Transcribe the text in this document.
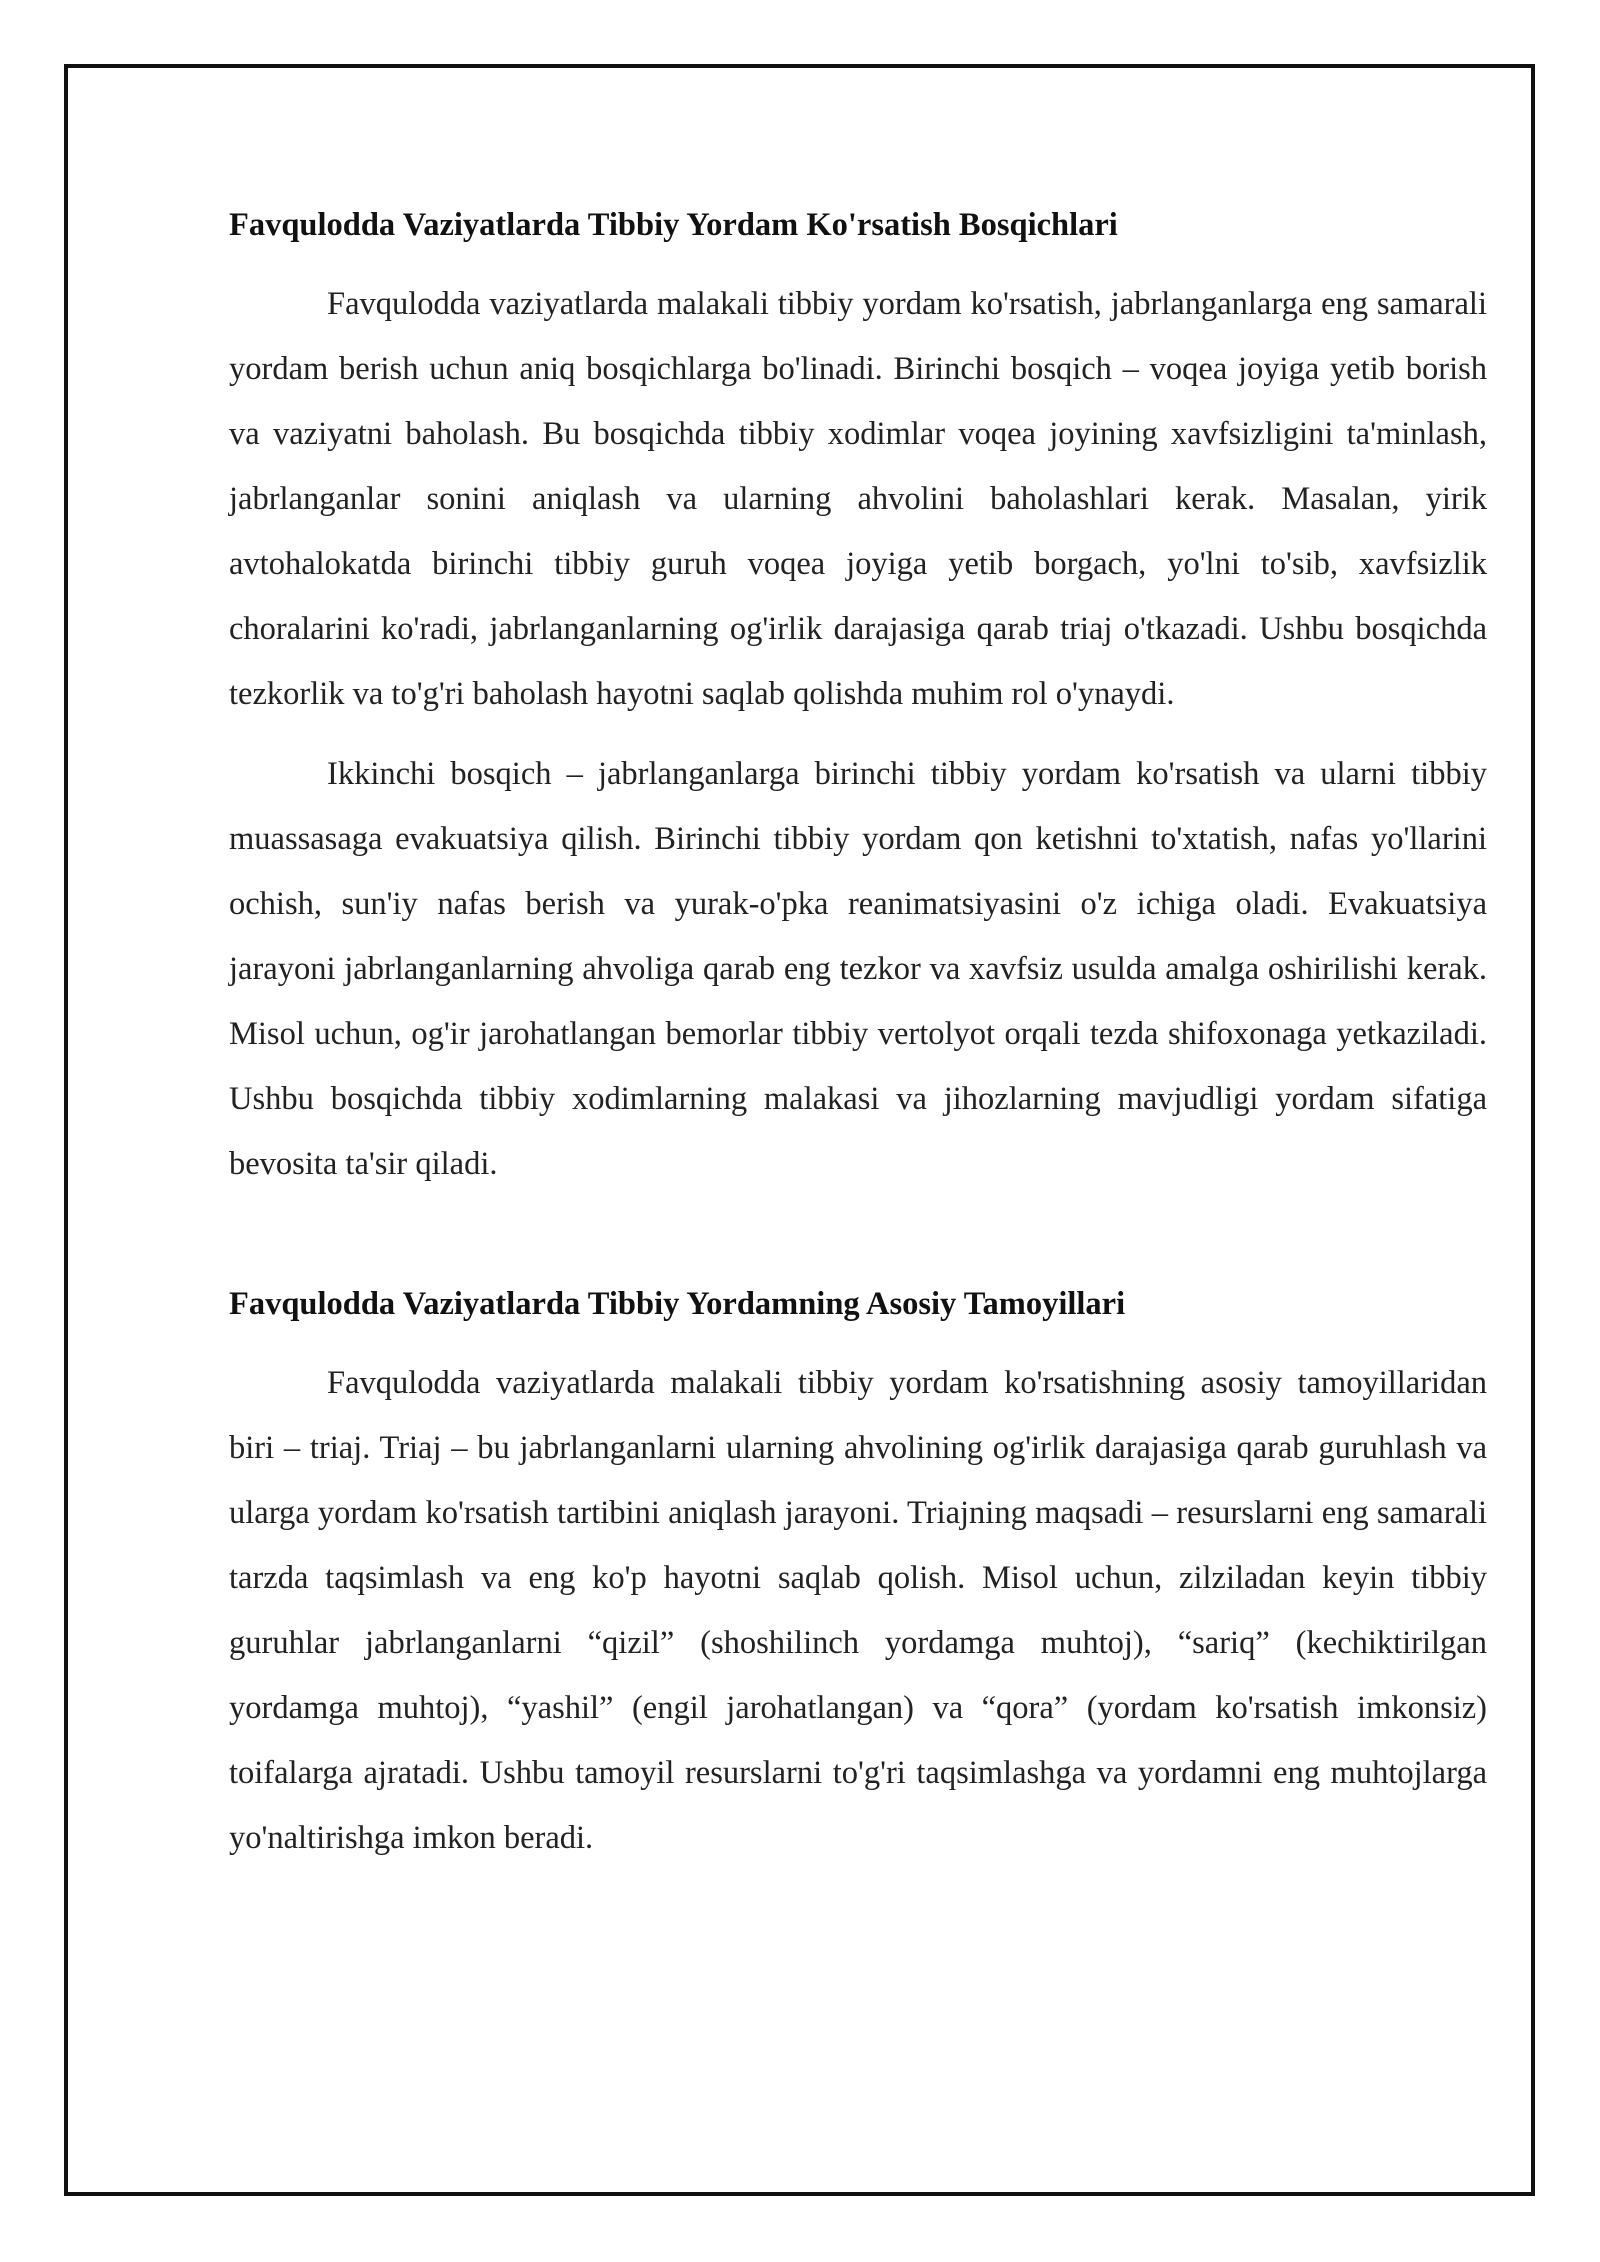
Favqulodda Vaziyatlarda Tibbiy Yordam Ko'rsatish Bosqichlari

Favqulodda vaziyatlarda malakali tibbiy yordam ko'rsatish, jabrlanganlarga eng samarali yordam berish uchun aniq bosqichlarga bo'linadi. Birinchi bosqich – voqea joyiga yetib borish va vaziyatni baholash. Bu bosqichda tibbiy xodimlar voqea joyining xavfsizligini ta'minlash, jabrlanganlar sonini aniqlash va ularning ahvolini baholashlari kerak. Masalan, yirik avtohalokatda birinchi tibbiy guruh voqea joyiga yetib borgach, yo'lni to'sib, xavfsizlik choralarini ko'radi, jabrlanganlarning og'irlik darajasiga qarab triaj o'tkazadi. Ushbu bosqichda tezkorlik va to'g'ri baholash hayotni saqlab qolishda muhim rol o'ynaydi.

Ikkinchi bosqich – jabrlanganlarga birinchi tibbiy yordam ko'rsatish va ularni tibbiy muassasaga evakuatsiya qilish. Birinchi tibbiy yordam qon ketishni to'xtatish, nafas yo'llarini ochish, sun'iy nafas berish va yurak-o'pka reanimatsiyasini o'z ichiga oladi. Evakuatsiya jarayoni jabrlanganlarning ahvoliga qarab eng tezkor va xavfsiz usulda amalga oshirilishi kerak. Misol uchun, og'ir jarohatlangan bemorlar tibbiy vertolyot orqali tezda shifoxonaga yetkaziladi. Ushbu bosqichda tibbiy xodimlarning malakasi va jihozlarning mavjudligi yordam sifatiga bevosita ta'sir qiladi.

Favqulodda Vaziyatlarda Tibbiy Yordamning Asosiy Tamoyillari

Favqulodda vaziyatlarda malakali tibbiy yordam ko'rsatishning asosiy tamoyillaridan biri – triaj. Triaj – bu jabrlanganlarni ularning ahvolining og'irlik darajasiga qarab guruhlash va ularga yordam ko'rsatish tartibini aniqlash jarayoni. Triajning maqsadi – resurslarni eng samarali tarzda taqsimlash va eng ko'p hayotni saqlab qolish. Misol uchun, zilziladan keyin tibbiy guruhlar jabrlanganlarni “qizil” (shoshilinch yordamga muhtoj), “sariq” (kechiktirilgan yordamga muhtoj), “yashil” (engil jarohatlangan) va “qora” (yordam ko'rsatish imkonsiz) toifalarga ajratadi. Ushbu tamoyil resurslarni to'g'ri taqsimlashga va yordamni eng muhtojlarga yo'naltirishga imkon beradi.
